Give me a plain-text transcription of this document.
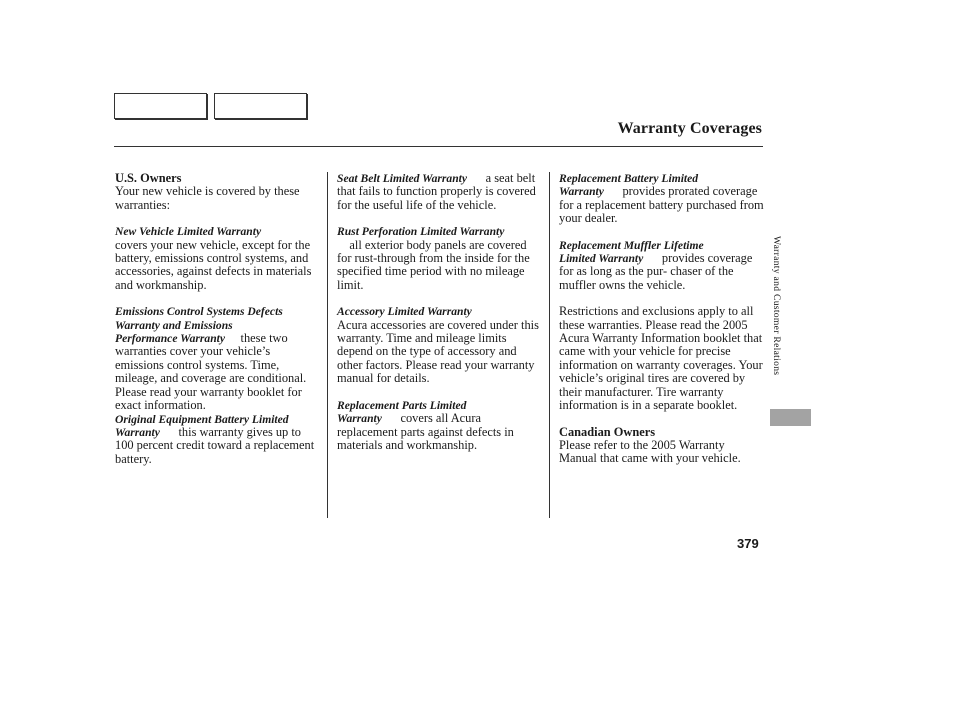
Warranty Coverages

U.S. Owners

Your new vehicle is covered by these warranties:

New Vehicle Limited Warranty
covers your new vehicle, except for the battery, emissions control systems, and accessories, against defects in materials and workmanship.

Emissions Control Systems Defects
Warranty and Emissions
Performance Warranty these two warranties cover your vehicle’s emissions control systems. Time, mileage, and coverage are conditional. Please read your warranty booklet for exact information.

Original Equipment Battery Limited
Warranty this warranty gives up to 100 percent credit toward a replacement battery.

Seat Belt Limited Warranty a seat belt that fails to function properly is covered for the useful life of the vehicle.

Rust Perforation Limited Warranty
all exterior body panels are covered for rust-through from the inside for the specified time period with no mileage limit.

Accessory Limited Warranty
Acura accessories are covered under this warranty. Time and mileage limits depend on the type of accessory and other factors. Please read your warranty manual for details.

Replacement Parts Limited
Warranty covers all Acura replacement parts against defects in materials and workmanship.

Replacement Battery Limited
Warranty provides prorated coverage for a replacement battery purchased from your dealer.

Replacement Muffler Lifetime
Limited Warranty provides coverage for as long as the pur- chaser of the muffler owns the vehicle.

Restrictions and exclusions apply to all these warranties. Please read the 2005 Acura Warranty Information booklet that came with your vehicle for precise information on warranty coverages. Your vehicle’s original tires are covered by their manufacturer. Tire warranty information is in a separate booklet.

Canadian Owners

Please refer to the 2005 Warranty Manual that came with your vehicle.

Warranty and Customer Relations
379
